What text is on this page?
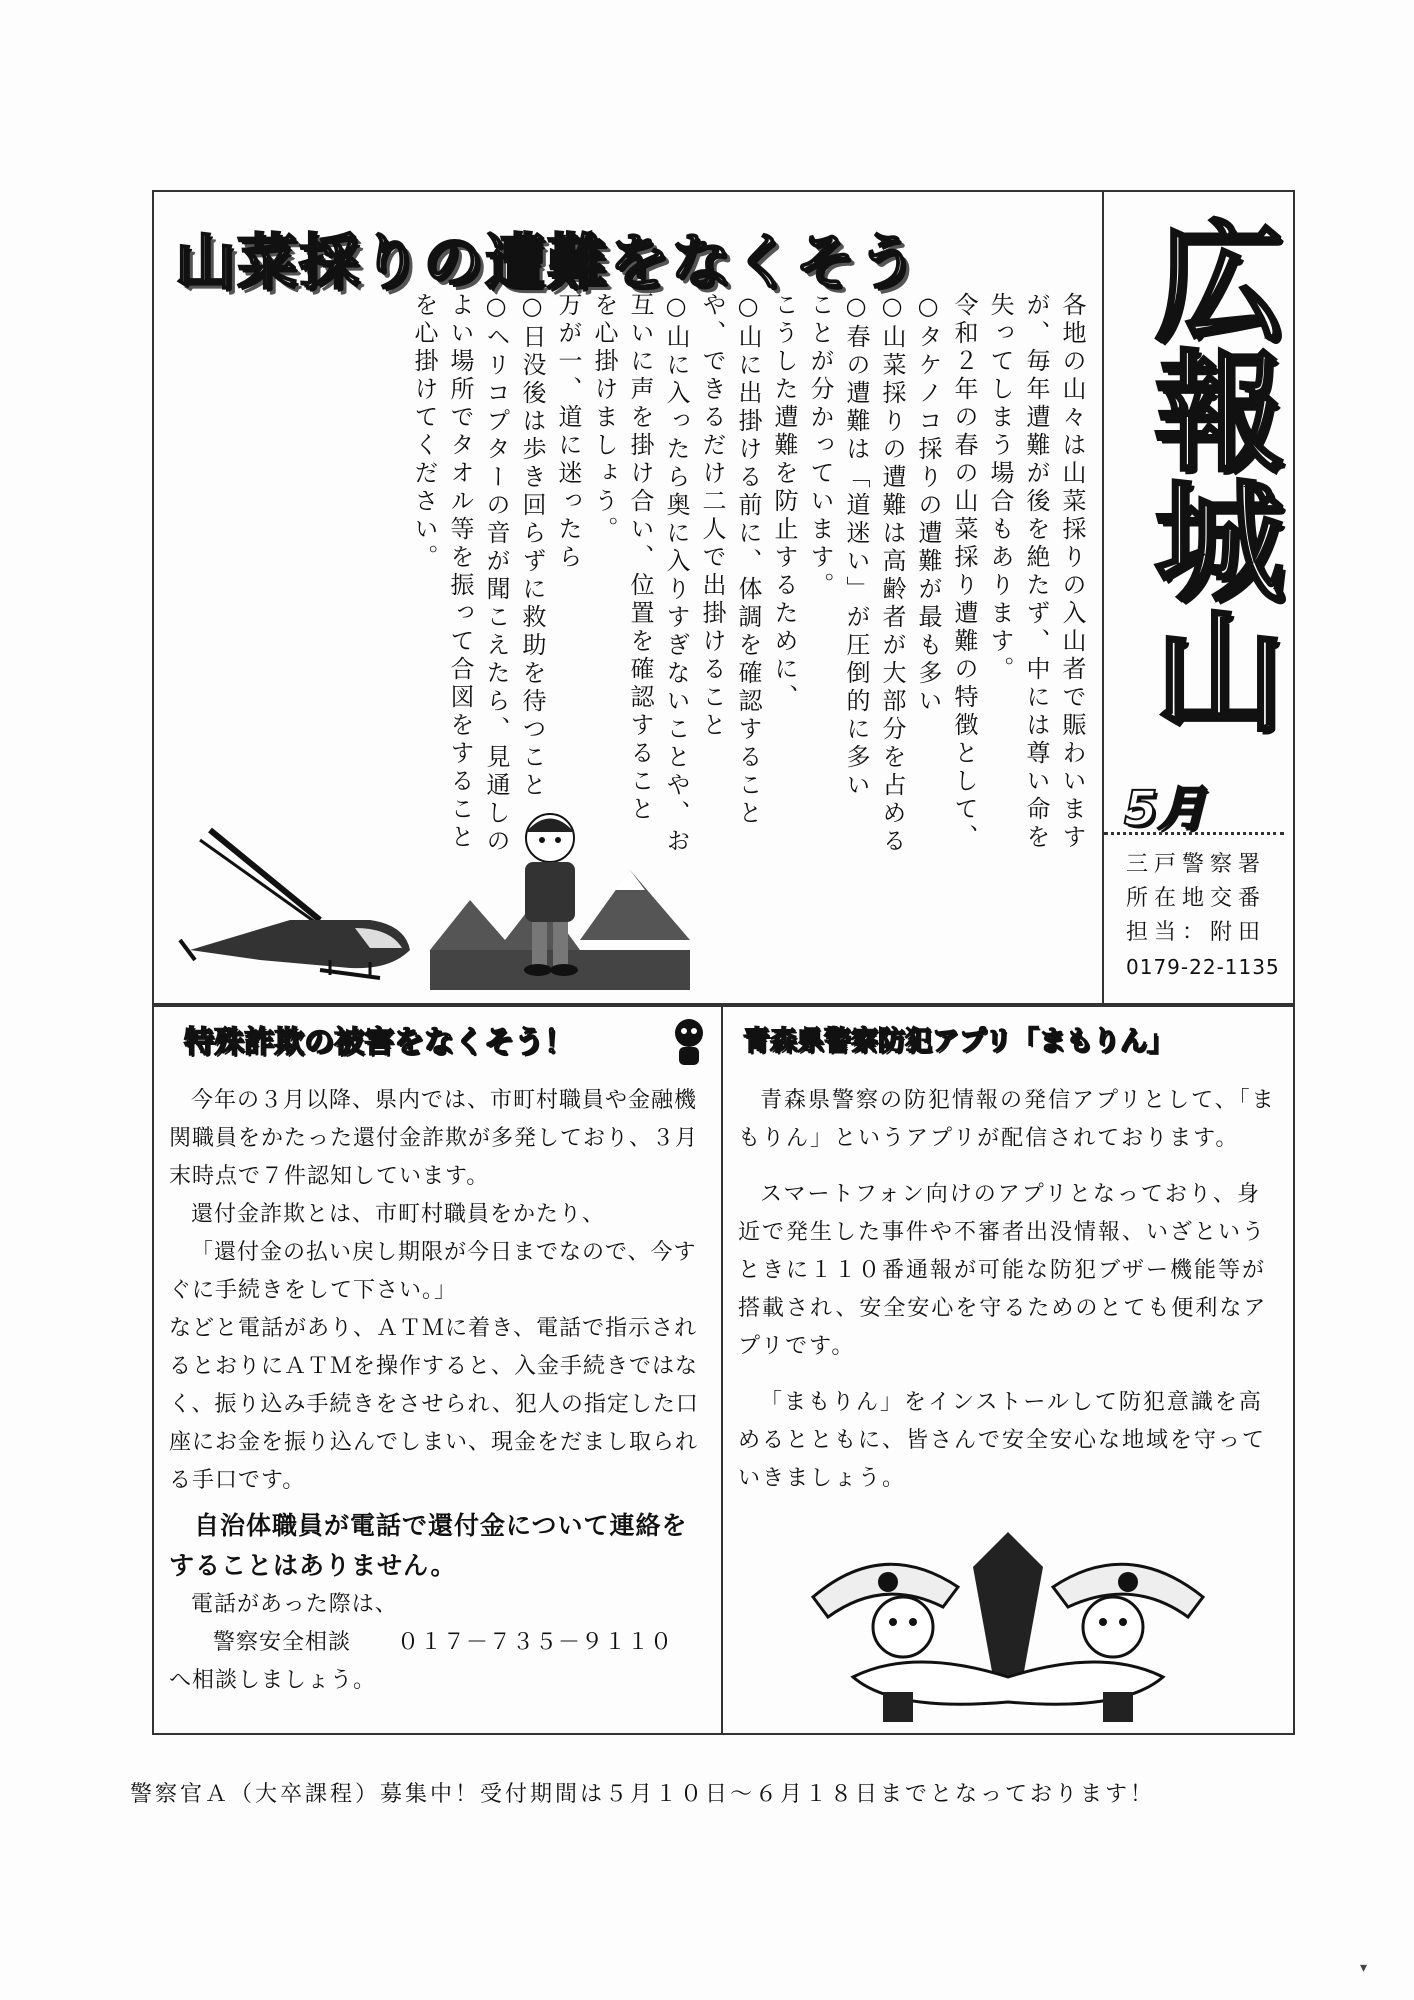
広報城山
5月
三戸警察署
所在地交番
担当：附田
0179-22-1135
山菜採りの遭難をなくそう

各地の山々は山菜採りの入山者で賑わいますが、毎年遭難が後を絶たず、中には尊い命を失ってしまう場合もあります。

令和２年の春の山菜採り遭難の特徴として、

○タケノコ採りの遭難が最も多い

○山菜採りの遭難は高齢者が大部分を占める

○春の遭難は「道迷い」が圧倒的に多い

ことが分かっています。

こうした遭難を防止するために、

○山に出掛ける前に、体調を確認することや、できるだけ二人で出掛けること

○山に入ったら奥に入りすぎないことや、お互いに声を掛け合い、位置を確認すること

を心掛けましょう。

万が一、道に迷ったら

○日没後は歩き回らずに救助を待つこと

○ヘリコプターの音が聞こえたら、見通しのよい場所でタオル等を振って合図をすること

を心掛けてください。

特殊詐欺の被害をなくそう！

今年の３月以降、県内では、市町村職員や金融機関職員をかたった還付金詐欺が多発しており、３月末時点で７件認知しています。

還付金詐欺とは、市町村職員をかたり、

「還付金の払い戻し期限が今日までなので、今すぐに手続きをして下さい。」

などと電話があり、ＡＴＭに着き、電話で指示されるとおりにＡＴＭを操作すると、入金手続きではなく、振り込み手続きをさせられ、犯人の指定した口座にお金を振り込んでしまい、現金をだまし取られる手口です。

自治体職員が電話で還付金について連絡をすることはありません。

電話があった際は、

警察安全相談 ０１７－７３５－９１１０

へ相談しましょう。

青森県警察防犯アプリ「まもりん」

青森県警察の防犯情報の発信アプリとして、「まもりん」というアプリが配信されております。

スマートフォン向けのアプリとなっており、身近で発生した事件や不審者出没情報、いざというときに１１０番通報が可能な防犯ブザー機能等が搭載され、安全安心を守るためのとても便利なアプリです。

「まもりん」をインストールして防犯意識を高めるとともに、皆さんで安全安心な地域を守っていきましょう。

警察官Ａ（大卒課程）募集中！受付期間は５月１０日～６月１８日までとなっております！
▾
